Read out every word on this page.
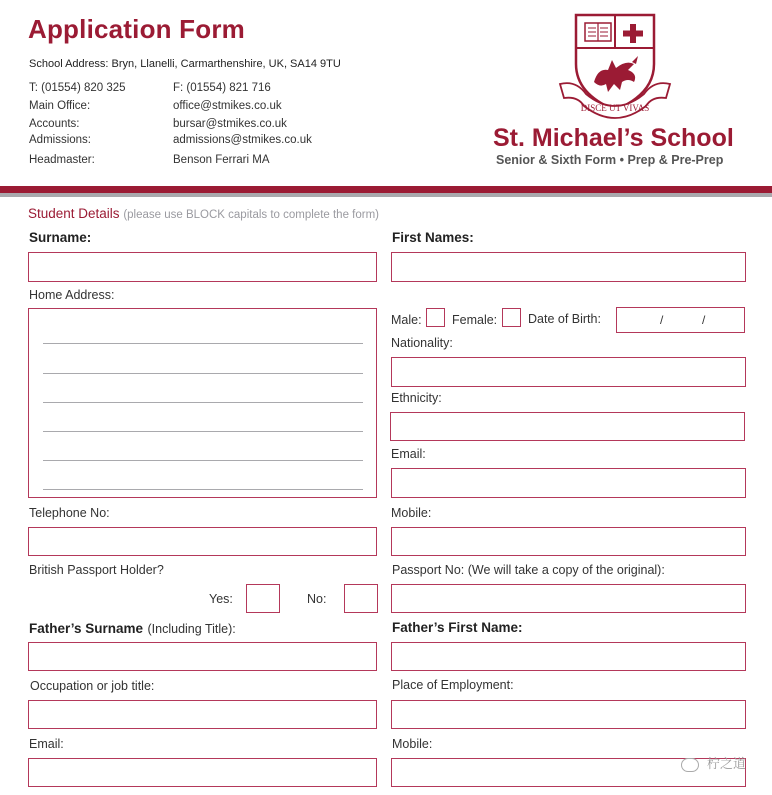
Application Form
School Address: Bryn, Llanelli, Carmarthenshire, UK, SA14 9TU
T: (01554) 820 325	F: (01554) 821 716
Main Office:	office@stmikes.co.uk
Accounts:	bursar@stmikes.co.uk
Admissions:	admissions@stmikes.co.uk
Headmaster:	Benson Ferrari MA
DISCE UT VIVAS
St. Michael’s School
Senior & Sixth Form • Prep & Pre-Prep
Student Details (please use BLOCK capitals to complete the form)
Surname:	First Names:
Home Address:
Male: Female: Date of Birth:	/	/
Nationality:
Ethnicity:
Email:
Telephone No:	Mobile:
British Passport Holder?
Yes:	No:
Passport No: (We will take a copy of the original):
Father’s Surname (Including Title):	Father’s First Name:
Occupation or job title:	Place of Employment:
Email:	Mobile:
柠之道
